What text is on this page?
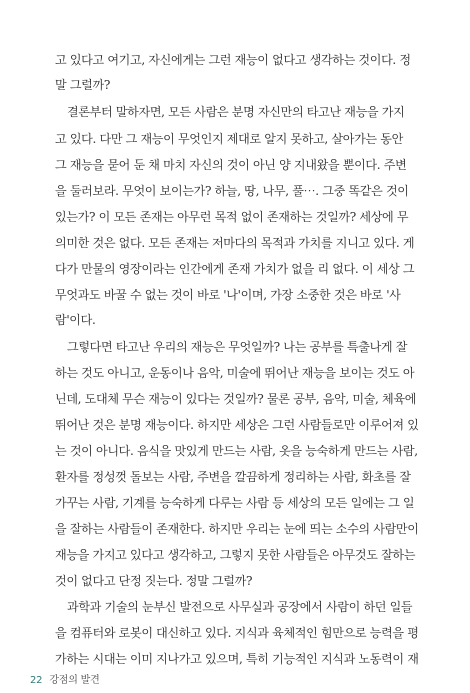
고 있다고 여기고, 자신에게는 그런 재능이 없다고 생각하는 것이다. 정
말 그럴까?
결론부터 말하자면, 모든 사람은 분명 자신만의 타고난 재능을 가지
고 있다. 다만 그 재능이 무엇인지 제대로 알지 못하고, 살아가는 동안
그 재능을 묻어 둔 채 마치 자신의 것이 아닌 양 지내왔을 뿐이다. 주변
을 둘러보라. 무엇이 보이는가? 하늘, 땅, 나무, 풀⋯. 그중 똑같은 것이
있는가? 이 모든 존재는 아무런 목적 없이 존재하는 것일까? 세상에 무
의미한 것은 없다. 모든 존재는 저마다의 목적과 가치를 지니고 있다. 게
다가 만물의 영장이라는 인간에게 존재 가치가 없을 리 없다. 이 세상 그
무엇과도 바꿀 수 없는 것이 바로 '나'이며, 가장 소중한 것은 바로 '사
람'이다.
그렇다면 타고난 우리의 재능은 무엇일까? 나는 공부를 특출나게 잘
하는 것도 아니고, 운동이나 음악, 미술에 뛰어난 재능을 보이는 것도 아
닌데, 도대체 무슨 재능이 있다는 것일까? 물론 공부, 음악, 미술, 체육에
뛰어난 것은 분명 재능이다. 하지만 세상은 그런 사람들로만 이루어져 있
는 것이 아니다. 음식을 맛있게 만드는 사람, 옷을 능숙하게 만드는 사람,
환자를 정성껏 돌보는 사람, 주변을 깔끔하게 정리하는 사람, 화초를 잘
가꾸는 사람, 기계를 능숙하게 다루는 사람 등 세상의 모든 일에는 그 일
을 잘하는 사람들이 존재한다. 하지만 우리는 눈에 띄는 소수의 사람만이
재능을 가지고 있다고 생각하고, 그렇지 못한 사람들은 아무것도 잘하는
것이 없다고 단정 짓는다. 정말 그럴까?
과학과 기술의 눈부신 발전으로 사무실과 공장에서 사람이 하던 일들
을 컴퓨터와 로봇이 대신하고 있다. 지식과 육체적인 힘만으로 능력을 평
가하는 시대는 이미 지나가고 있으며, 특히 기능적인 지식과 노동력이 재
22 강점의 발견
